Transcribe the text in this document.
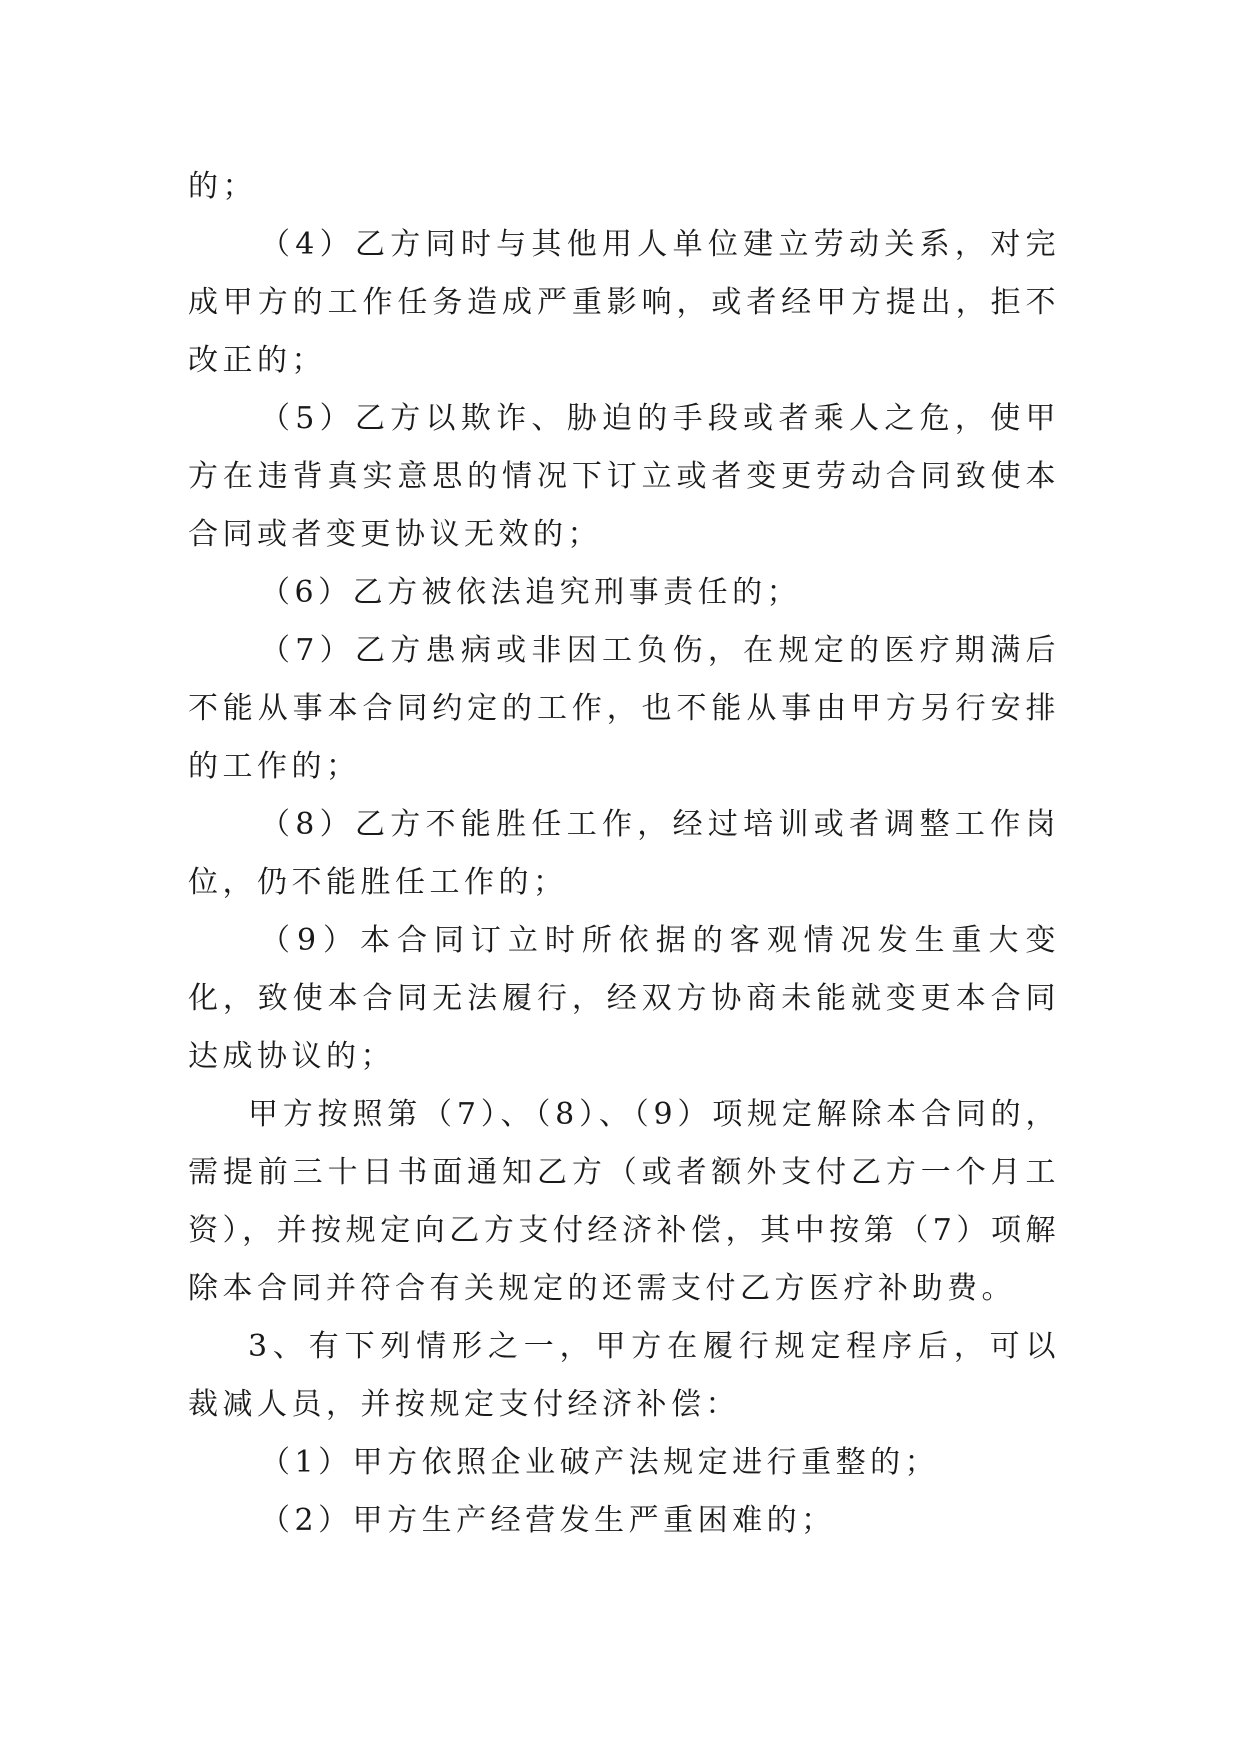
的；

（4）乙方同时与其他用人单位建立劳动关系，对完成甲方的工作任务造成严重影响，或者经甲方提出，拒不改正的；

（5）乙方以欺诈、胁迫的手段或者乘人之危，使甲方在违背真实意思的情况下订立或者变更劳动合同致使本合同或者变更协议无效的；

（6）乙方被依法追究刑事责任的；

（7）乙方患病或非因工负伤，在规定的医疗期满后不能从事本合同约定的工作，也不能从事由甲方另行安排的工作的；

（8）乙方不能胜任工作，经过培训或者调整工作岗位，仍不能胜任工作的；

（9）本合同订立时所依据的客观情况发生重大变化，致使本合同无法履行，经双方协商未能就变更本合同达成协议的；

甲方按照第（7）、（8）、（9）项规定解除本合同的，需提前三十日书面通知乙方（或者额外支付乙方一个月工资），并按规定向乙方支付经济补偿，其中按第（7）项解除本合同并符合有关规定的还需支付乙方医疗补助费。

3、有下列情形之一，甲方在履行规定程序后，可以裁减人员，并按规定支付经济补偿：

（1）甲方依照企业破产法规定进行重整的；

（2）甲方生产经营发生严重困难的；
